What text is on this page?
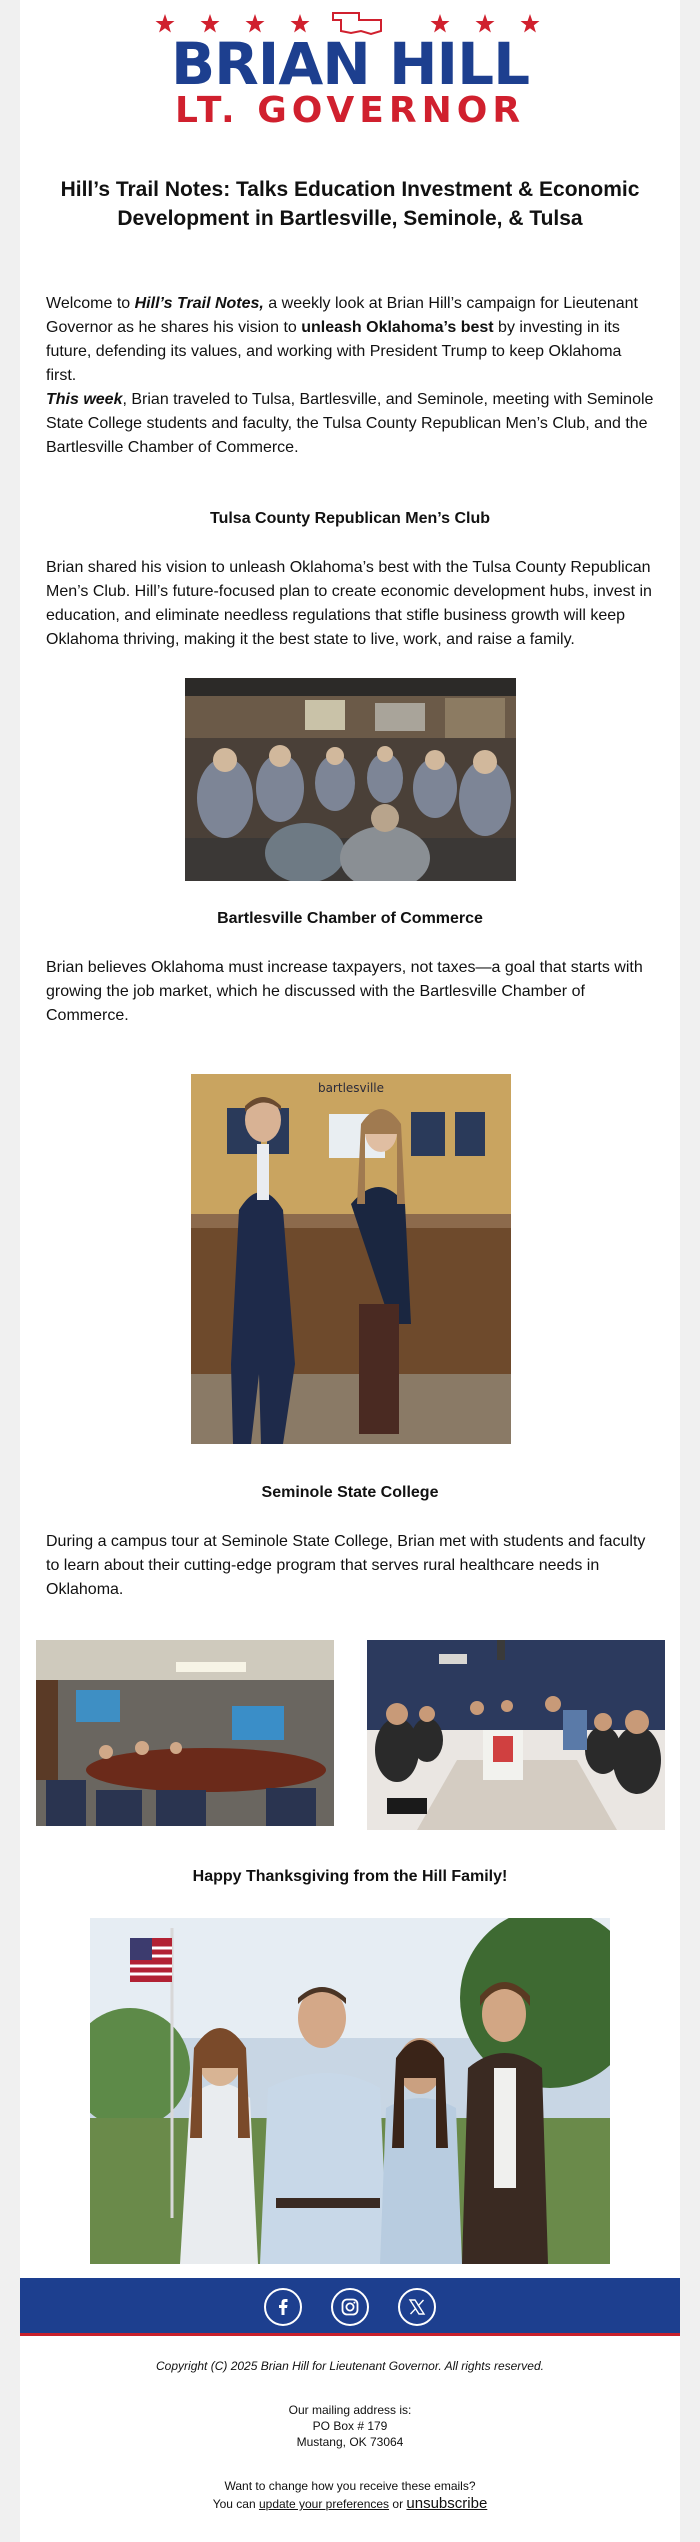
BRIAN HILL
LT. GOVERNOR
Hill’s Trail Notes: Talks Education Investment & Economic Development in Bartlesville, Seminole, & Tulsa

Welcome to Hill’s Trail Notes, a weekly look at Brian Hill’s campaign for Lieutenant Governor as he shares his vision to unleash Oklahoma’s best by investing in its future, defending its values, and working with President Trump to keep Oklahoma first.

This week, Brian traveled to Tulsa, Bartlesville, and Seminole, meeting with Seminole State College students and faculty, the Tulsa County Republican Men’s Club, and the Bartlesville Chamber of Commerce.

Tulsa County Republican Men’s Club

Brian shared his vision to unleash Oklahoma’s best with the Tulsa County Republican Men’s Club. Hill’s future-focused plan to create economic development hubs, invest in education, and eliminate needless regulations that stifle business growth will keep Oklahoma thriving, making it the best state to live, work, and raise a family.

Bartlesville Chamber of Commerce

Brian believes Oklahoma must increase taxpayers, not taxes—a goal that starts with growing the job market, which he discussed with the Bartlesville Chamber of Commerce.

bartlesville
Seminole State College

During a campus tour at Seminole State College, Brian met with students and faculty to learn about their cutting-edge program that serves rural healthcare needs in Oklahoma.

Happy Thanksgiving from the Hill Family!
Copyright (C) 2025 Brian Hill for Lieutenant Governor. All rights reserved.
Our mailing address is:
PO Box # 179
Mustang, OK 73064
Want to change how you receive these emails?
You can update your preferences or unsubscribe
